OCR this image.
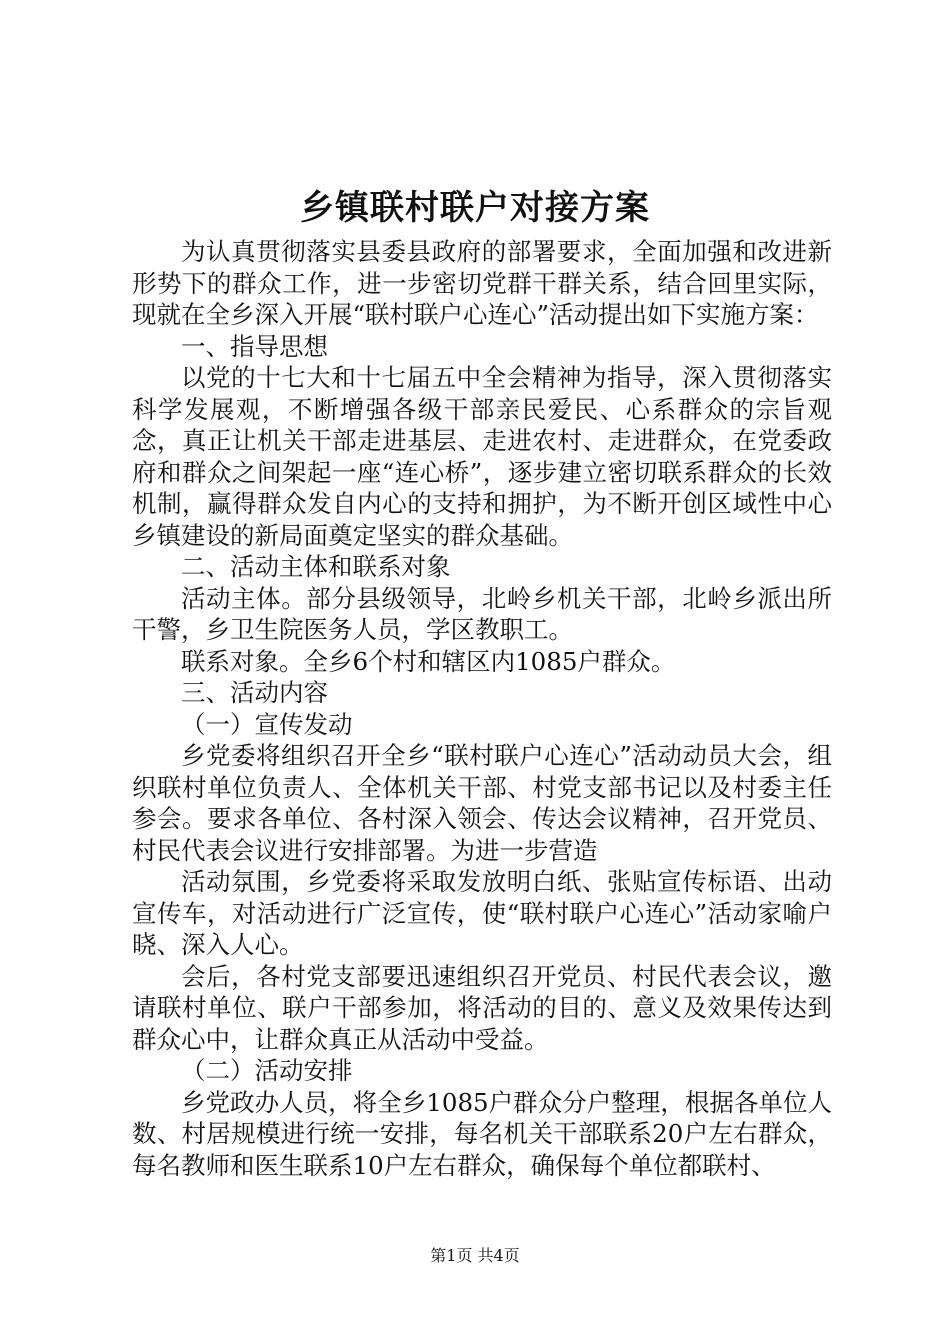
乡镇联村联户对接方案

为认真贯彻落实县委县政府的部署要求，全面加强和改进新形势下的群众工作，进一步密切党群干群关系，结合回里实际，现就在全乡深入开展“联村联户心连心”活动提出如下实施方案：

一、指导思想

以党的十七大和十七届五中全会精神为指导，深入贯彻落实科学发展观，不断增强各级干部亲民爱民、心系群众的宗旨观念，真正让机关干部走进基层、走进农村、走进群众，在党委政府和群众之间架起一座“连心桥”，逐步建立密切联系群众的长效机制，赢得群众发自内心的支持和拥护，为不断开创区域性中心乡镇建设的新局面奠定坚实的群众基础。

二、活动主体和联系对象

活动主体。部分县级领导，北岭乡机关干部，北岭乡派出所干警，乡卫生院医务人员，学区教职工。

联系对象。全乡6个村和辖区内1085户群众。

三、活动内容

（一）宣传发动

乡党委将组织召开全乡“联村联户心连心”活动动员大会，组织联村单位负责人、全体机关干部、村党支部书记以及村委主任参会。要求各单位、各村深入领会、传达会议精神，召开党员、村民代表会议进行安排部署。为进一步营造

活动氛围，乡党委将采取发放明白纸、张贴宣传标语、出动宣传车，对活动进行广泛宣传，使“联村联户心连心”活动家喻户晓、深入人心。

会后，各村党支部要迅速组织召开党员、村民代表会议，邀请联村单位、联户干部参加，将活动的目的、意义及效果传达到群众心中，让群众真正从活动中受益。

（二）活动安排

乡党政办人员，将全乡1085户群众分户整理，根据各单位人数、村居规模进行统一安排，每名机关干部联系20户左右群众，每名教师和医生联系10户左右群众，确保每个单位都联村、

第1页 共4页
